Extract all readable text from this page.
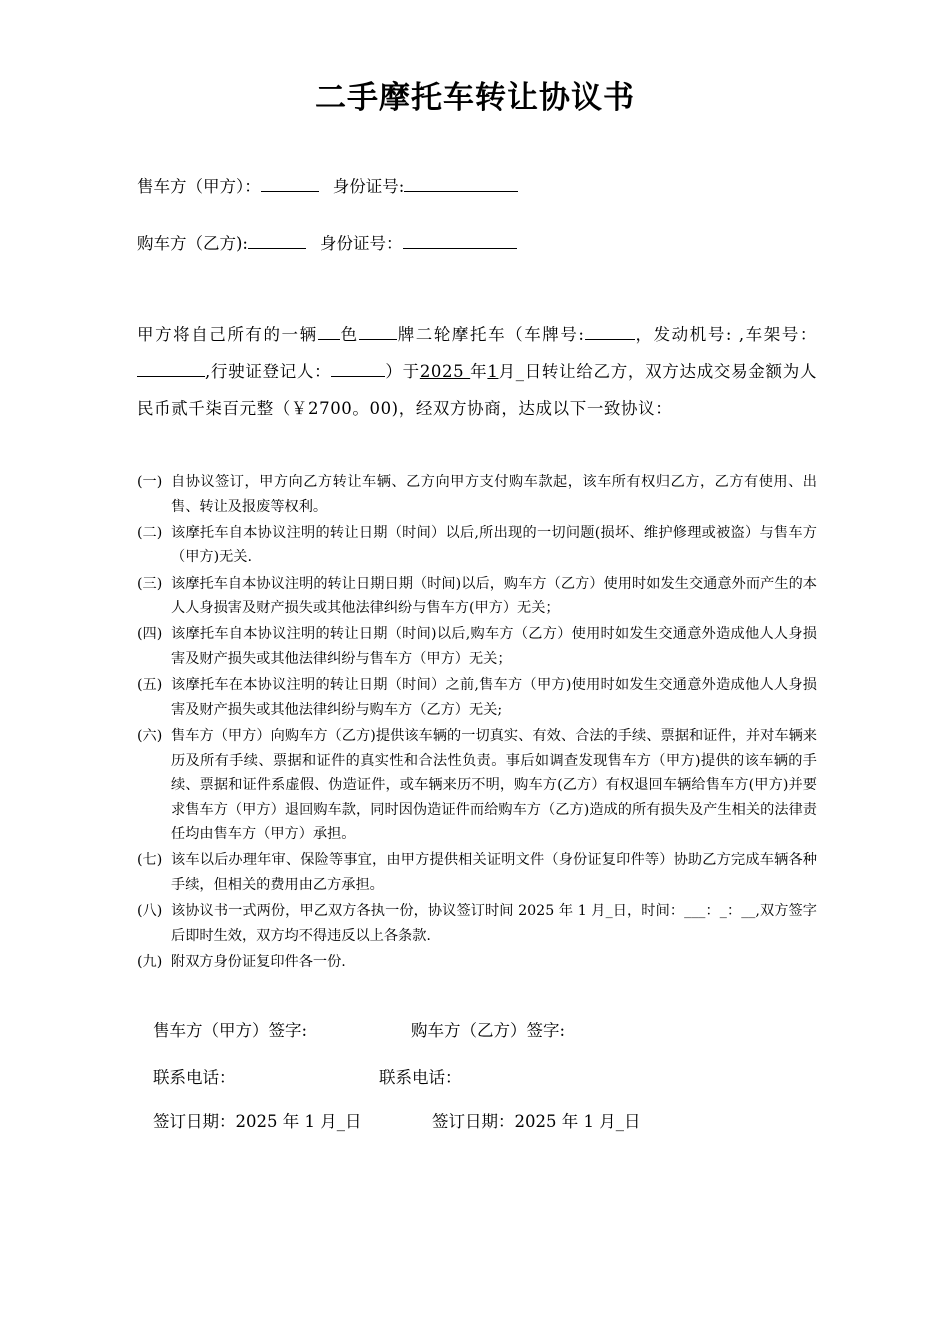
二手摩托车转让协议书
售车方（甲方）：	身份证号:
购车方（乙方):	身份证号：
甲方将自己所有的一辆 色 牌二轮摩托车（车牌号:	，发动机号: ,车架号：,行驶证登记人：	）于2025 年1月_日转让给乙方，双方达成交易金额为人民币贰千柒百元整（￥2700。00)，经双方协商，达成以下一致协议：
(一) 自协议签订，甲方向乙方转让车辆、乙方向甲方支付购车款起，该车所有权归乙方，乙方有使用、出售、转让及报废等权利。
(二) 该摩托车自本协议注明的转让日期（时间）以后,所出现的一切问题(损坏、维护修理或被盗）与售车方（甲方)无关.
(三) 该摩托车自本协议注明的转让日期日期（时间)以后，购车方（乙方）使用时如发生交通意外而产生的本人人身损害及财产损失或其他法律纠纷与售车方(甲方）无关；
(四) 该摩托车自本协议注明的转让日期（时间)以后,购车方（乙方）使用时如发生交通意外造成他人人身损害及财产损失或其他法律纠纷与售车方（甲方）无关；
(五) 该摩托车在本协议注明的转让日期（时间）之前,售车方（甲方)使用时如发生交通意外造成他人人身损害及财产损失或其他法律纠纷与购车方（乙方）无关;
(六) 售车方（甲方）向购车方（乙方)提供该车辆的一切真实、有效、合法的手续、票据和证件，并对车辆来历及所有手续、票据和证件的真实性和合法性负责。事后如调查发现售车方（甲方)提供的该车辆的手续、票据和证件系虚假、伪造证件，或车辆来历不明，购车方(乙方）有权退回车辆给售车方(甲方)并要求售车方（甲方）退回购车款，同时因伪造证件而给购车方（乙方)造成的所有损失及产生相关的法律责任均由售车方（甲方）承担。
(七) 该车以后办理年审、保险等事宜，由甲方提供相关证明文件（身份证复印件等）协助乙方完成车辆各种手续，但相关的费用由乙方承担。
(八) 该协议书一式两份，甲乙双方各执一份，协议签订时间 2025 年 1 月_日，时间：___：_：__,双方签字后即时生效，双方均不得违反以上各条款.
(九) 附双方身份证复印件各一份.
售车方（甲方）签字:	购车方（乙方）签字:
联系电话：	联系电话：
签订日期：2025 年 1 月_日	签订日期：2025 年 1 月_日
